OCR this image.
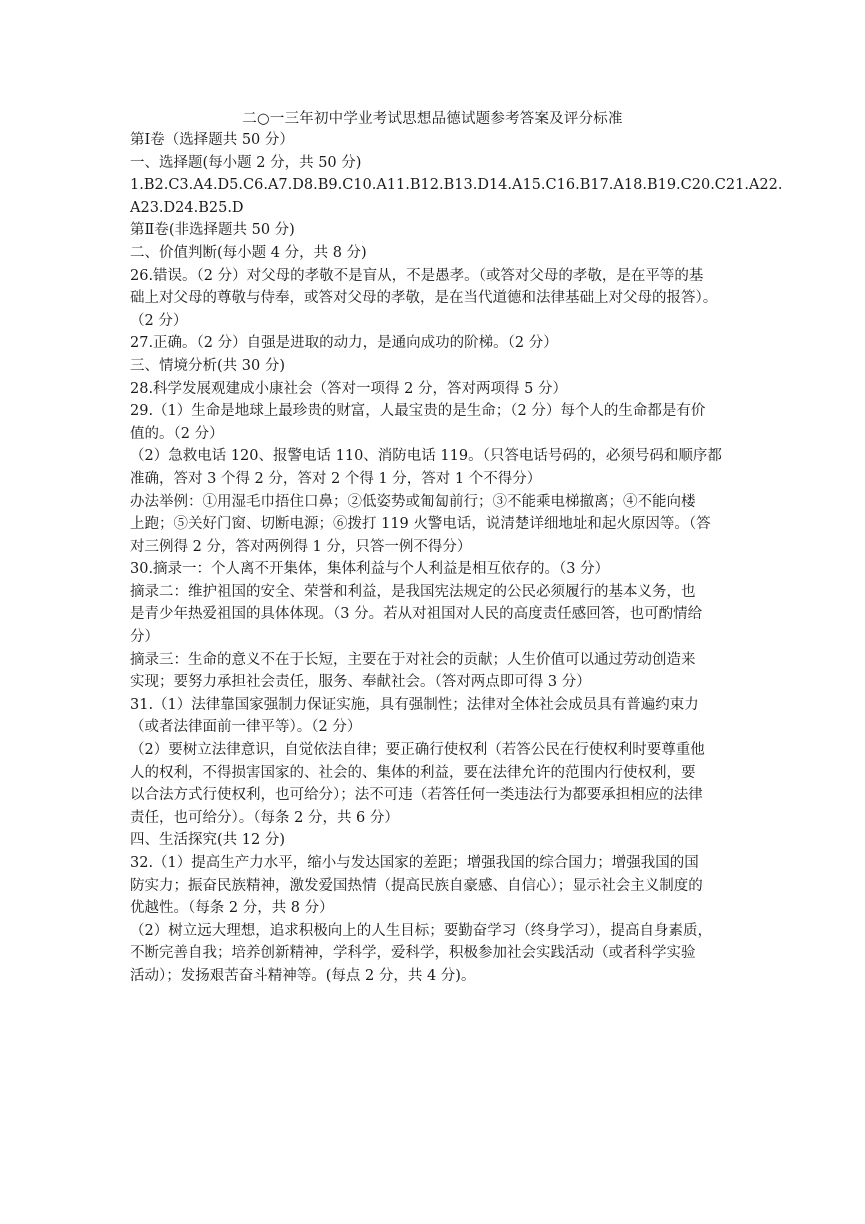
二○一三年初中学业考试思想品德试题参考答案及评分标准

第Ⅰ卷（选择题共 50 分）

一、选择题(每小题 2 分，共 50 分)

1.B2.C3.A4.D5.C6.A7.D8.B9.C10.A11.B12.B13.D14.A15.C16.B17.A18.B19.C20.C21.A22.

A23.D24.B25.D

第Ⅱ卷(非选择题共 50 分)

二、价值判断(每小题 4 分，共 8 分)

26.错误。（2 分）对父母的孝敬不是盲从，不是愚孝。（或答对父母的孝敬，是在平等的基

础上对父母的尊敬与侍奉，或答对父母的孝敬，是在当代道德和法律基础上对父母的报答）。

（2 分）

27.正确。（2 分）自强是进取的动力，是通向成功的阶梯。（2 分）

三、情境分析(共 30 分)

28.科学发展观建成小康社会（答对一项得 2 分，答对两项得 5 分）

29.（1）生命是地球上最珍贵的财富，人最宝贵的是生命；（2 分）每个人的生命都是有价

值的。（2 分）

（2）急救电话 120、报警电话 110、消防电话 119。（只答电话号码的，必须号码和顺序都

准确，答对 3 个得 2 分，答对 2 个得 1 分，答对 1 个不得分）

办法举例：①用湿毛巾捂住口鼻；②低姿势或匍匐前行；③不能乘电梯撤离；④不能向楼

上跑；⑤关好门窗、切断电源；⑥拨打 119 火警电话，说清楚详细地址和起火原因等。（答

对三例得 2 分，答对两例得 1 分，只答一例不得分）

30.摘录一：个人离不开集体，集体利益与个人利益是相互依存的。（3 分）

摘录二：维护祖国的安全、荣誉和利益，是我国宪法规定的公民必须履行的基本义务，也

是青少年热爱祖国的具体体现。（3 分。若从对祖国对人民的高度责任感回答，也可酌情给

分）

摘录三：生命的意义不在于长短，主要在于对社会的贡献；人生价值可以通过劳动创造来

实现；要努力承担社会责任，服务、奉献社会。（答对两点即可得 3 分）

31.（1）法律靠国家强制力保证实施，具有强制性；法律对全体社会成员具有普遍约束力

（或者法律面前一律平等）。（2 分）

（2）要树立法律意识，自觉依法自律；要正确行使权利（若答公民在行使权利时要尊重他

人的权利，不得损害国家的、社会的、集体的利益，要在法律允许的范围内行使权利，要

以合法方式行使权利，也可给分）；法不可违（若答任何一类违法行为都要承担相应的法律

责任，也可给分）。（每条 2 分，共 6 分）

四、生活探究(共 12 分)

32.（1）提高生产力水平，缩小与发达国家的差距；增强我国的综合国力；增强我国的国

防实力；振奋民族精神，激发爱国热情（提高民族自豪感、自信心）；显示社会主义制度的

优越性。（每条 2 分，共 8 分）

（2）树立远大理想，追求积极向上的人生目标；要勤奋学习（终身学习），提高自身素质，

不断完善自我；培养创新精神，学科学，爱科学，积极参加社会实践活动（或者科学实验

活动）；发扬艰苦奋斗精神等。(每点 2 分，共 4 分)。
